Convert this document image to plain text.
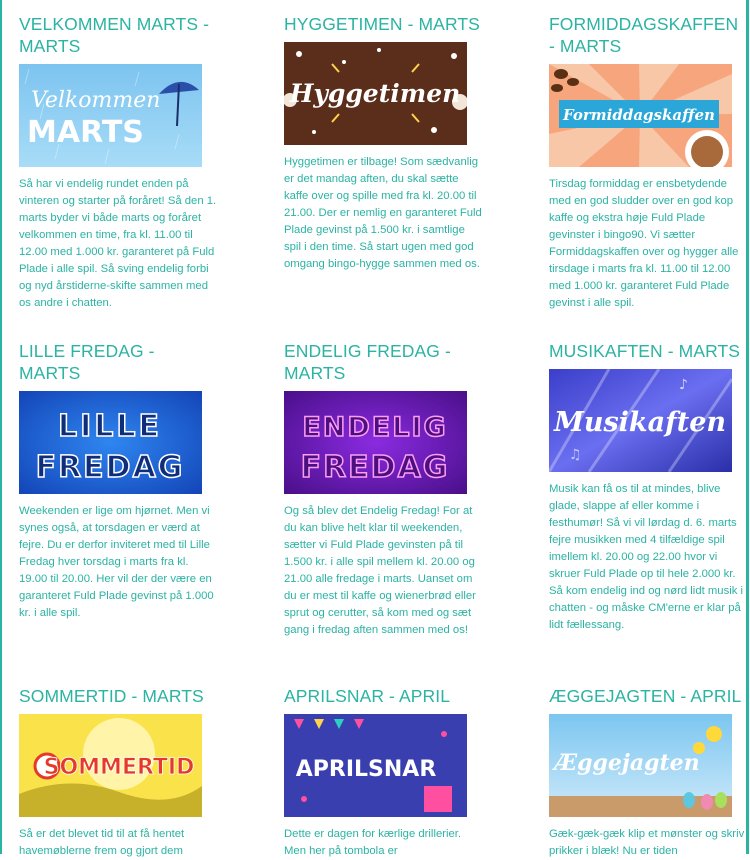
VELKOMMEN MARTS - MARTS
Velkommen
MARTS

Så har vi endelig rundet enden på vinteren og starter på foråret! Så den 1. marts byder vi både marts og foråret velkommen en time, fra kl. 11.00 til 12.00 med 1.000 kr. garanteret på Fuld Plade i alle spil. Så sving endelig forbi og nyd årstiderne-skifte sammen med os andre i chatten.

HYGGETIMEN - MARTS
Hyggetimen

Hyggetimen er tilbage! Som sædvanlig er det mandag aften, du skal sætte kaffe over og spille med fra kl. 20.00 til 21.00. Der er nemlig en garanteret Fuld Plade gevinst på 1.500 kr. i samtlige spil i den time. Så start ugen med god omgang bingo-hygge sammen med os.

FORMIDDAGSKAFFEN - MARTS
Formiddagskaffen

Tirsdag formiddag er ensbetydende med en god sludder over en god kop kaffe og ekstra høje Fuld Plade gevinster i bingo90. Vi sætter Formiddagskaffen over og hygger alle tirsdage i marts fra kl. 11.00 til 12.00 med 1.000 kr. garanteret Fuld Plade gevinst i alle spil.

LILLE FREDAG - MARTS
LILLE
FREDAG

Weekenden er lige om hjørnet. Men vi synes også, at torsdagen er værd at fejre. Du er derfor inviteret med til Lille Fredag hver torsdag i marts fra kl. 19.00 til 20.00. Her vil der der være en garanteret Fuld Plade gevinst på 1.000 kr. i alle spil.

ENDELIG FREDAG - MARTS
ENDELIG
FREDAG

Og så blev det Endelig Fredag! For at du kan blive helt klar til weekenden, sætter vi Fuld Plade gevinsten på til 1.500 kr. i alle spil mellem kl. 20.00 og 21.00 alle fredage i marts. Uanset om du er mest til kaffe og wienerbrød eller sprut og cerutter, så kom med og sæt gang i fredag aften sammen med os!

MUSIKAFTEN - MARTS
♪
♫
Musikaften

Musik kan få os til at mindes, blive glade, slappe af eller komme i festhumør! Så vi vil lørdag d. 6. marts fejre musikken med 4 tilfældige spil imellem kl. 20.00 og 22.00 hvor vi skruer Fuld Plade op til hele 2.000 kr. Så kom endelig ind og nørd lidt musik i chatten - og måske CM'erne er klar på lidt fællessang.

SOMMERTID - MARTS
SOMMERTID

Så er det blevet tid til at få hentet havemøblerne frem og gjort dem

APRILSNAR - APRIL
APRILSNAR

Dette er dagen for kærlige drillerier. Men her på tombola er

ÆGGEJAGTEN - APRIL
Æggejagten

Gæk-gæk-gæk klip et mønster og skriv prikker i blæk! Nu er tiden
